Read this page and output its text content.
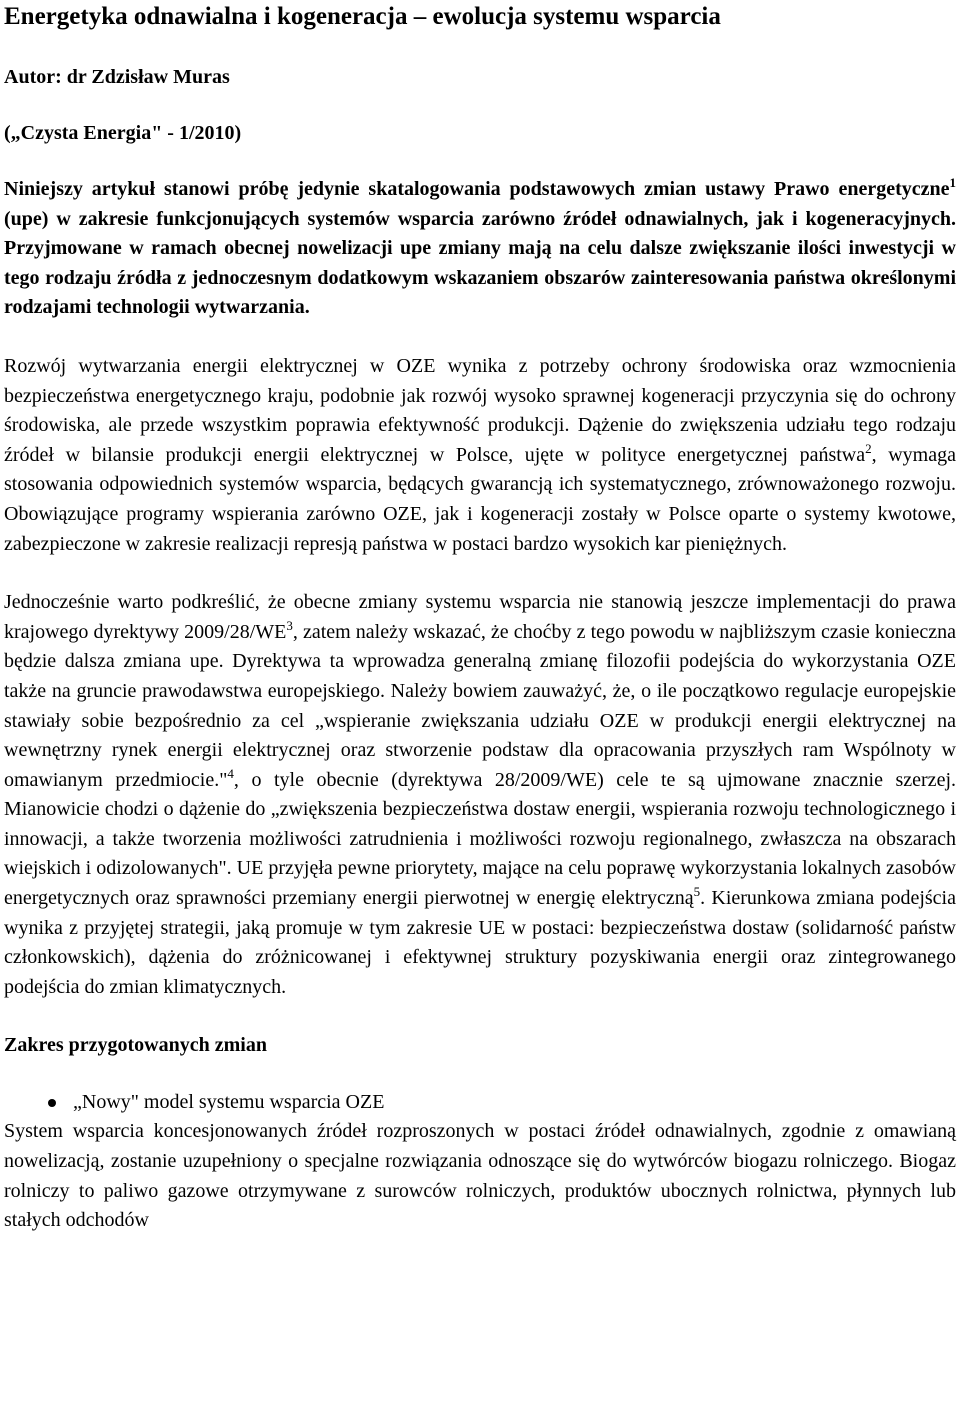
Energetyka odnawialna i kogeneracja – ewolucja systemu wsparcia
Autor: dr Zdzisław Muras
(„Czysta Energia" - 1/2010)

Niniejszy artykuł stanowi próbę jedynie skatalogowania podstawowych zmian ustawy Prawo energetyczne$^1$ (upe) w zakresie funkcjonujących systemów wsparcia zarówno źródeł odnawialnych, jak i kogeneracyjnych. Przyjmowane w ramach obecnej nowelizacji upe zmiany mają na celu dalsze zwiększanie ilości inwestycji w tego rodzaju źródła z jednoczesnym dodatkowym wskazaniem obszarów zainteresowania państwa określonymi rodzajami technologii wytwarzania.

Rozwój wytwarzania energii elektrycznej w OZE wynika z potrzeby ochrony środowiska oraz wzmocnienia bezpieczeństwa energetycznego kraju, podobnie jak rozwój wysoko sprawnej kogeneracji przyczynia się do ochrony środowiska, ale przede wszystkim poprawia efektywność produkcji. Dążenie do zwiększenia udziału tego rodzaju źródeł w bilansie produkcji energii elektrycznej w Polsce, ujęte w polityce energetycznej państwa$^2$, wymaga stosowania odpowiednich systemów wsparcia, będących gwarancją ich systematycznego, zrównoważonego rozwoju. Obowiązujące programy wspierania zarówno OZE, jak i kogeneracji zostały w Polsce oparte o systemy kwotowe, zabezpieczone w zakresie realizacji represją państwa w postaci bardzo wysokich kar pieniężnych.

Jednocześnie warto podkreślić, że obecne zmiany systemu wsparcia nie stanowią jeszcze implementacji do prawa krajowego dyrektywy $2009/28/WE^3$, zatem należy wskazać, że choćby z tego powodu w najbliższym czasie konieczna będzie dalsza zmiana upe. Dyrektywa ta wprowadza generalną zmianę filozofii podejścia do wykorzystania OZE także na gruncie prawodawstwa europejskiego. Należy bowiem zauważyć, że, o ile początkowo regulacje europejskie stawiały sobie bezpośrednio za cel „wspieranie zwiększania udziału OZE w produkcji energii elektrycznej na wewnętrzny rynek energii elektrycznej oraz stworzenie podstaw dla opracowania przyszłych ram Wspólnoty w omawianym przedmiocie."$^4$, o tyle obecnie (dyrektywa 28/2009/WE) cele te są ujmowane znacznie szerzej. Mianowicie chodzi o dążenie do „zwiększenia bezpieczeństwa dostaw energii, wspierania rozwoju technologicznego i innowacji, a także tworzenia możliwości zatrudnienia i możliwości rozwoju regionalnego, zwłaszcza na obszarach wiejskich i odizolowanych". UE przyjęła pewne priorytety, mające na celu poprawę wykorzystania lokalnych zasobów energetycznych oraz sprawności przemiany energii pierwotnej w energię elektryczną$^5$. Kierunkowa zmiana podejścia wynika z przyjętej strategii, jaką promuje w tym zakresie UE w postaci: bezpieczeństwa dostaw (solidarność państw członkowskich), dążenia do zróżnicowanej i efektywnej struktury pozyskiwania energii oraz zintegrowanego podejścia do zmian klimatycznych.

Zakres przygotowanych zmian
„Nowy" model systemu wsparcia OZE

System wsparcia koncesjonowanych źródeł rozproszonych w postaci źródeł odnawialnych, zgodnie z omawianą nowelizacją, zostanie uzupełniony o specjalne rozwiązania odnoszące się do wytwórców biogazu rolniczego. Biogaz rolniczy to paliwo gazowe otrzymywane z surowców rolniczych, produktów ubocznych rolnictwa, płynnych lub stałych odchodów
